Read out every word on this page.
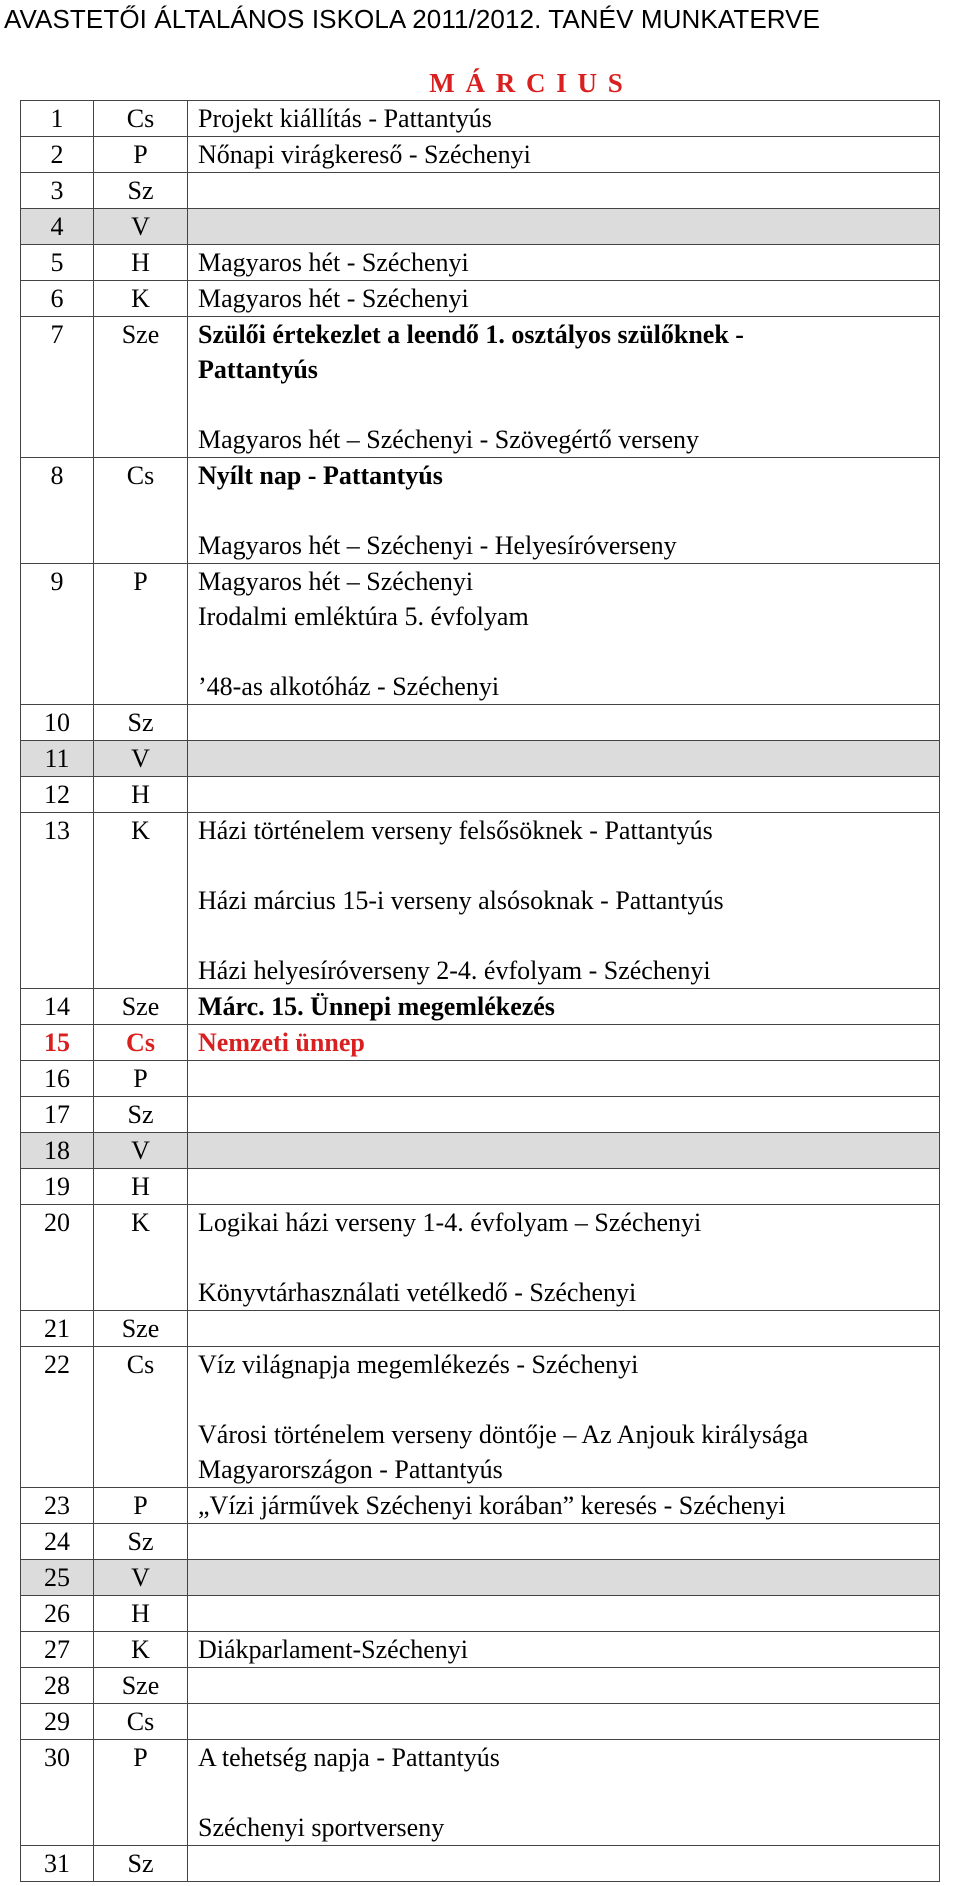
AVASTETŐI ÁLTALÁNOS ISKOLA 2011/2012. TANÉV MUNKATERVE
M Á R C I U S
1	Cs	Projekt kiállítás - Pattantyús

2	P	Nőnapi virágkereső - Széchenyi

3	Sz	
4	V	
5	H	Magyaros hét - Széchenyi

6	K	Magyaros hét - Széchenyi

7	Sze	Szülői értekezlet a leendő 1. osztályos szülőknek -
Pattantyús
Magyaros hét – Széchenyi - Szövegértő verseny

8	Cs	Nyílt nap - Pattantyús
Magyaros hét – Széchenyi - Helyesíróverseny

9	P	Magyaros hét – Széchenyi
Irodalmi emléktúra 5. évfolyam
’48-as alkotóház - Széchenyi

10	Sz	
11	V	
12	H	
13	K	Házi történelem verseny felsősöknek - Pattantyús
Házi március 15-i verseny alsósoknak - Pattantyús
Házi helyesíróverseny 2-4. évfolyam - Széchenyi

14	Sze	Márc. 15. Ünnepi megemlékezés

15	Cs	Nemzeti ünnep

16	P	
17	Sz	
18	V	
19	H	
20	K	Logikai házi verseny 1-4. évfolyam – Széchenyi
Könyvtárhasználati vetélkedő - Széchenyi

21	Sze	
22	Cs	Víz világnapja megemlékezés - Széchenyi
Városi történelem verseny döntője – Az Anjouk királysága
Magyarországon - Pattantyús

23	P	„Vízi járművek Széchenyi korában” keresés - Széchenyi

24	Sz	
25	V	
26	H	
27	K	Diákparlament-Széchenyi

28	Sze	
29	Cs	
30	P	A tehetség napja - Pattantyús
Széchenyi sportverseny

31	Sz	
